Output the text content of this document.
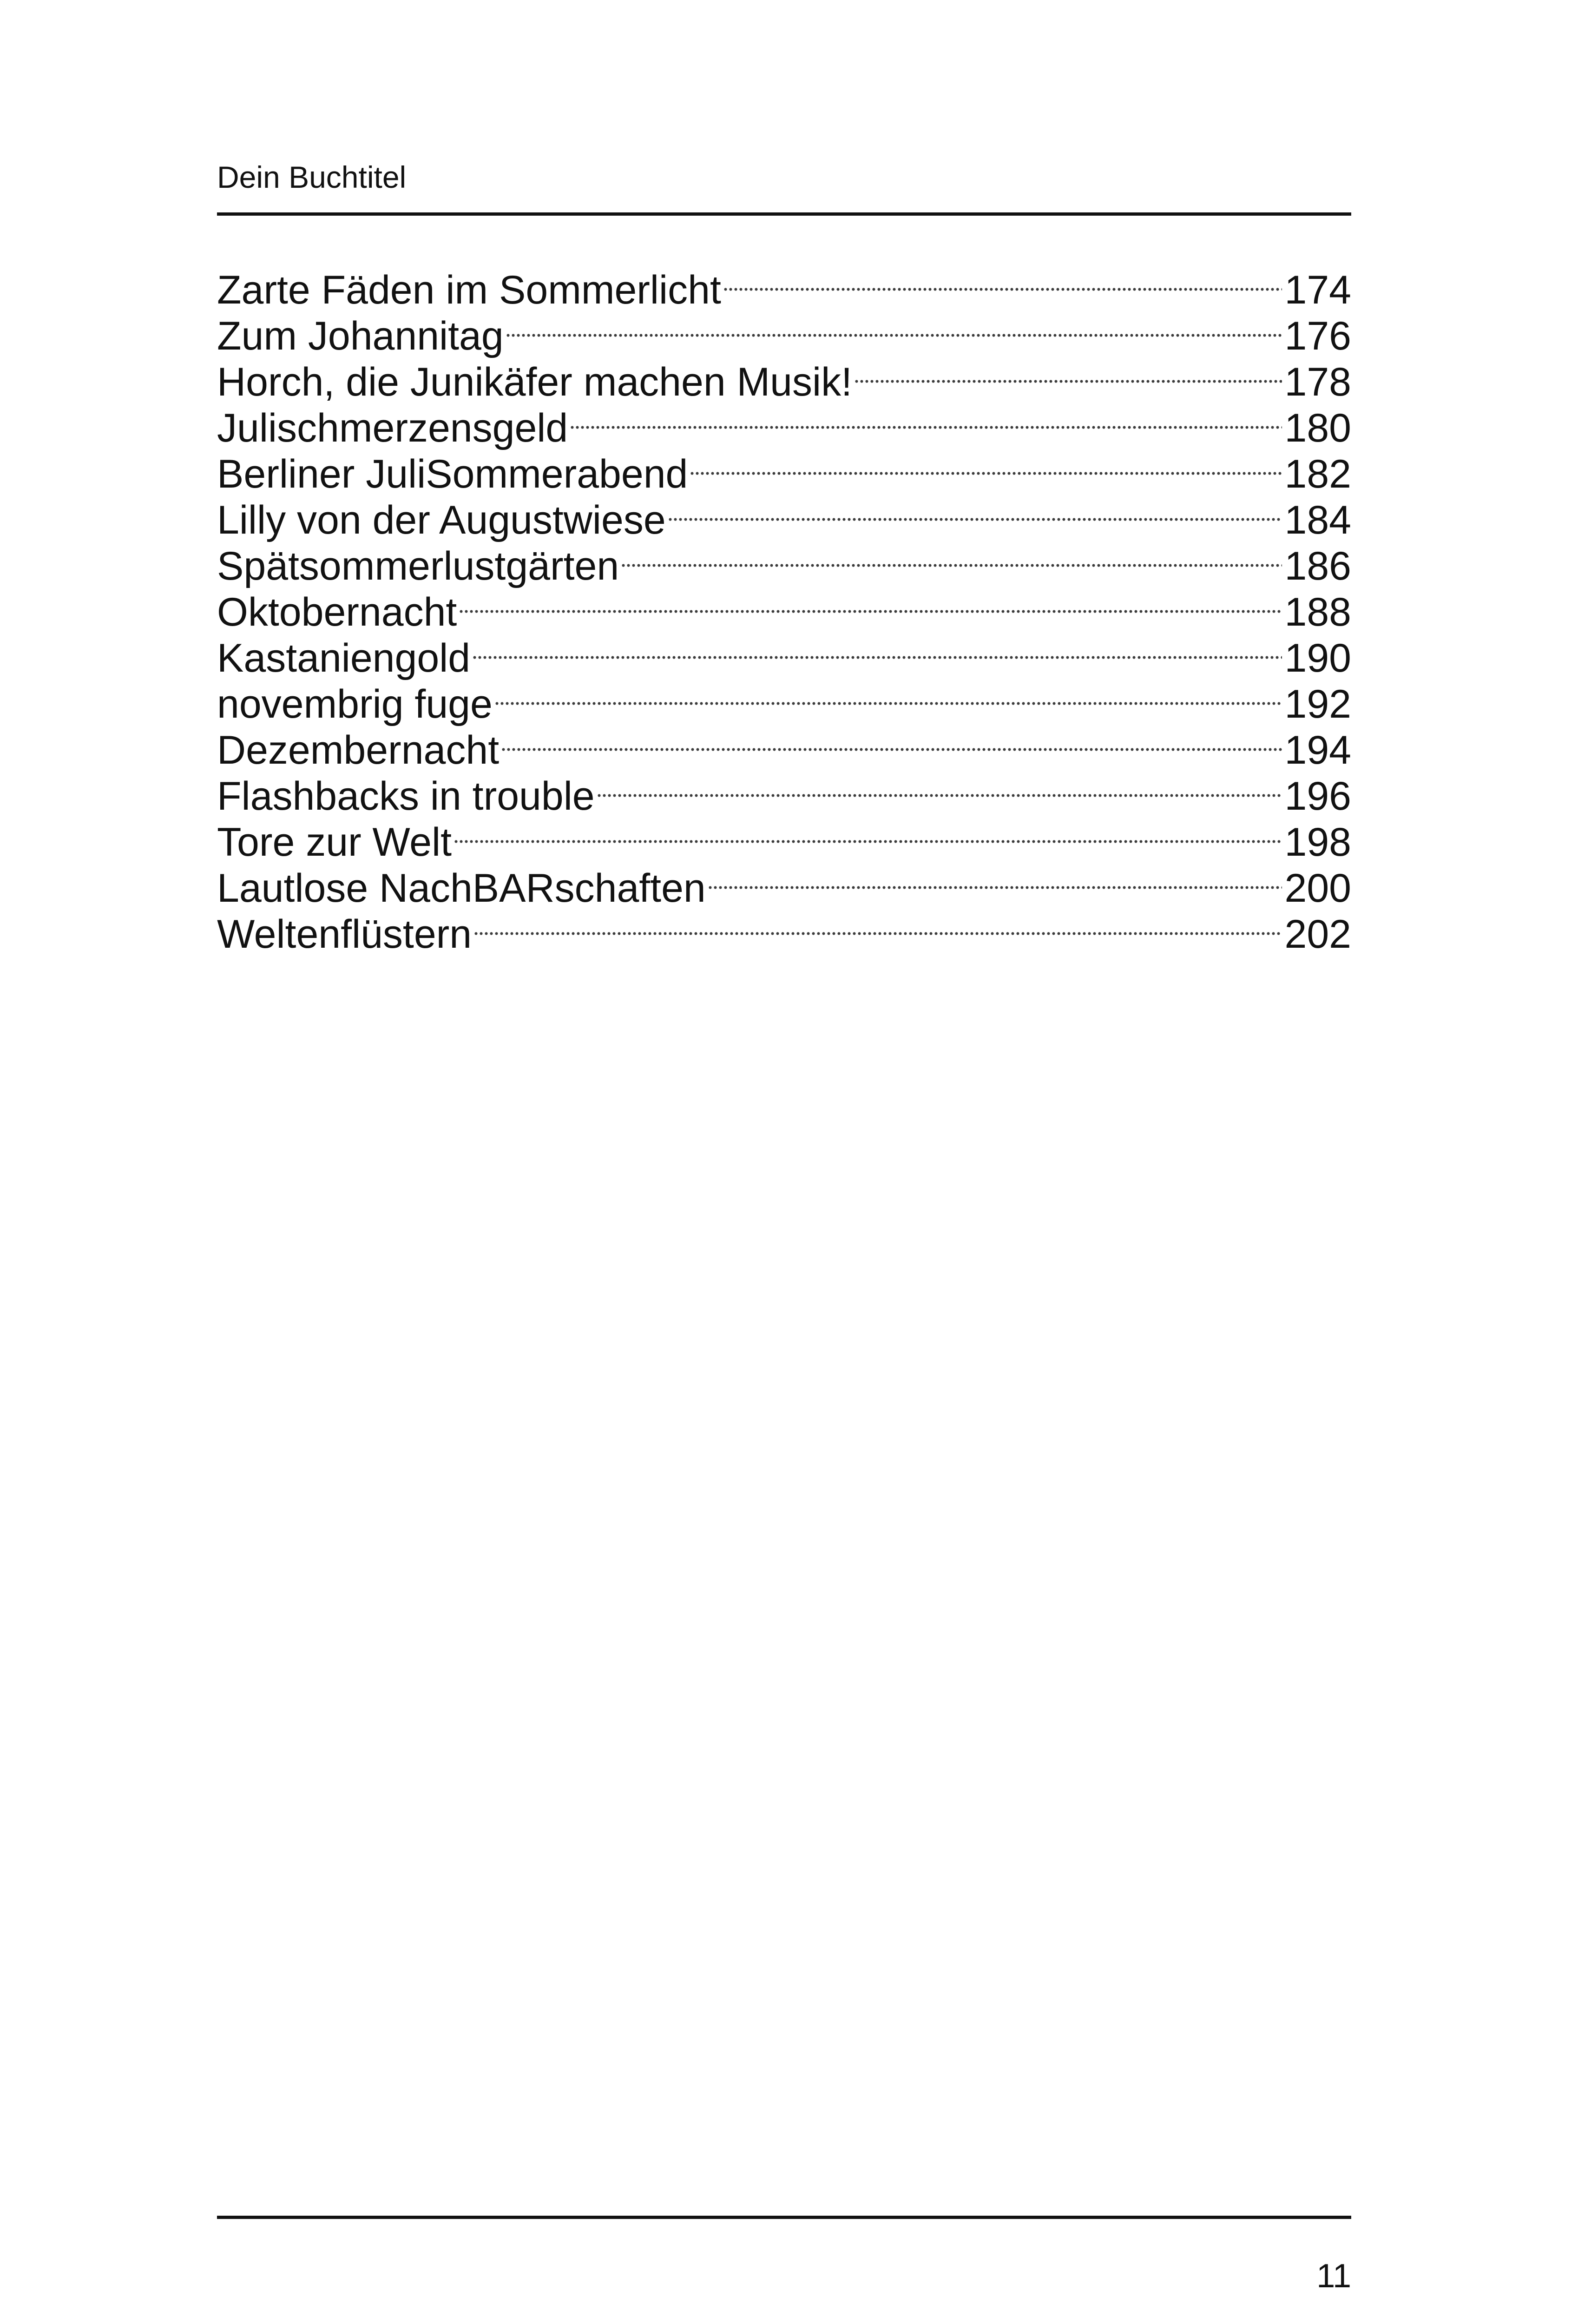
Dein Buchtitel
Zarte Fäden im Sommerlicht	174
Zum Johannitag	176
Horch, die Junikäfer machen Musik!	178
Julischmerzensgeld	180
Berliner JuliSommerabend	182
Lilly von der Augustwiese	184
Spätsommerlustgärten	186
Oktobernacht	188
Kastaniengold	190
novembrig fuge	192
Dezembernacht	194
Flashbacks in trouble	196
Tore zur Welt	198
Lautlose NachBARschaften	200
Weltenflüstern	202
11
